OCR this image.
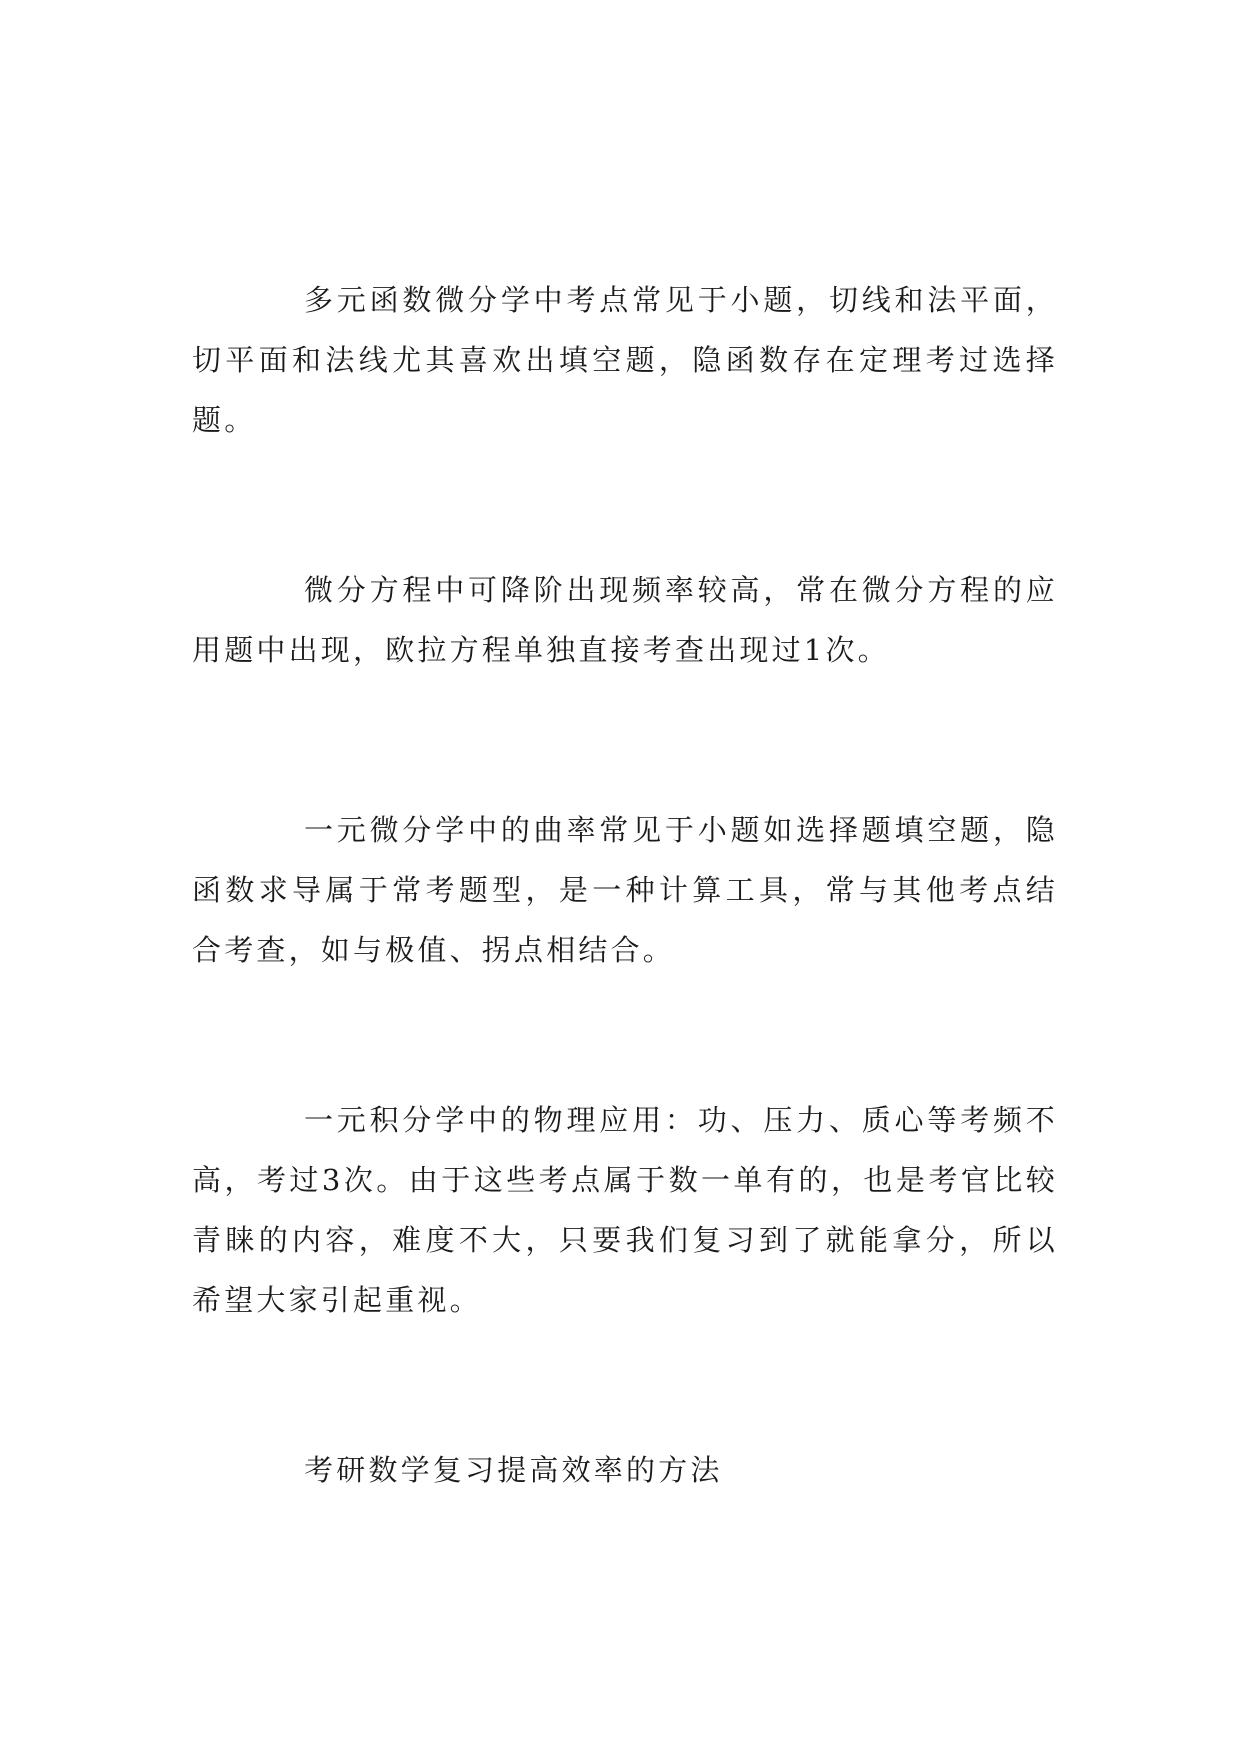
多元函数微分学中考点常见于小题，切线和法平面，切平面和法线尤其喜欢出填空题，隐函数存在定理考过选择题。

微分方程中可降阶出现频率较高，常在微分方程的应用题中出现，欧拉方程单独直接考查出现过1次。

一元微分学中的曲率常见于小题如选择题填空题，隐函数求导属于常考题型，是一种计算工具，常与其他考点结合考查，如与极值、拐点相结合。

一元积分学中的物理应用：功、压力、质心等考频不高，考过3次。由于这些考点属于数一单有的，也是考官比较青睐的内容，难度不大，只要我们复习到了就能拿分，所以希望大家引起重视。

考研数学复习提高效率的方法
